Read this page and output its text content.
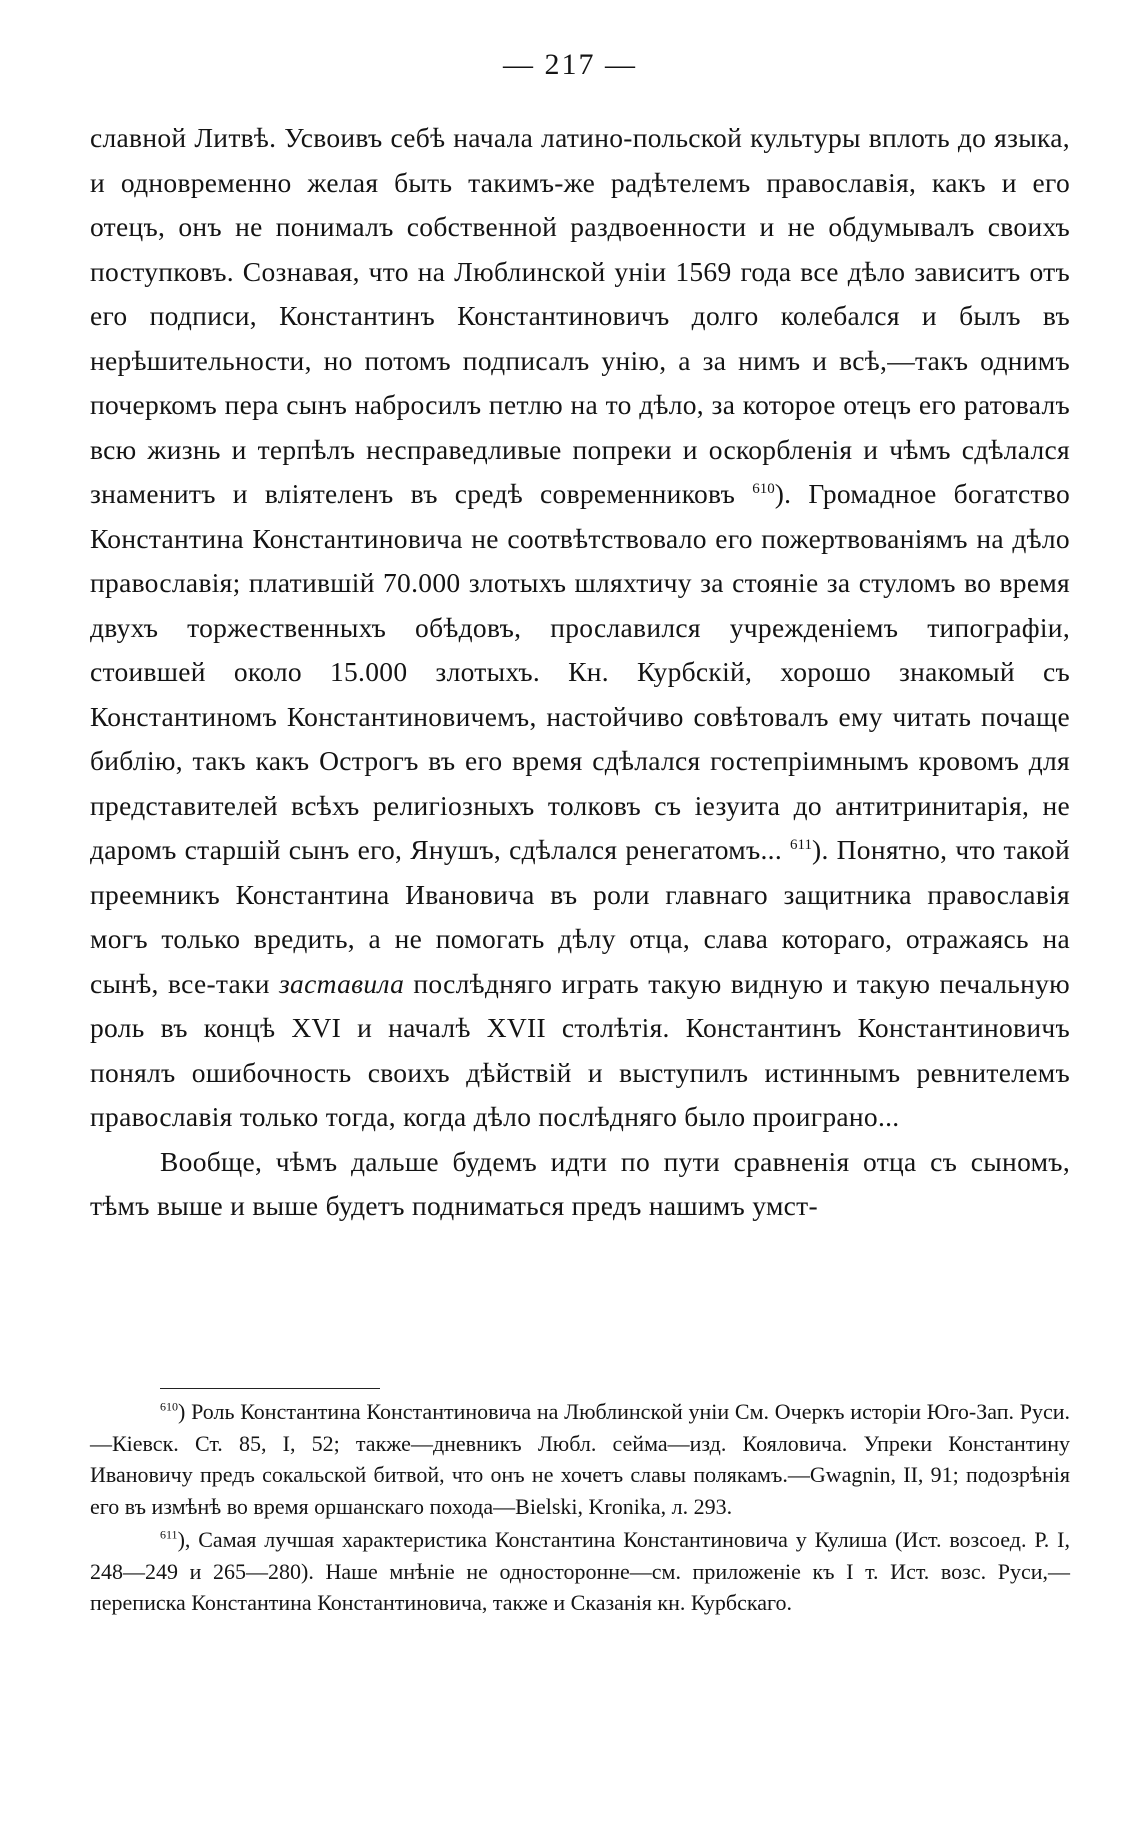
— 217 —

славной Литвѣ. Усвоивъ себѣ начала латино-польской культуры вплоть до языка, и одновременно желая быть такимъ-же радѣтелемъ православія, какъ и его отецъ, онъ не понималъ собственной раздвоенности и не обдумывалъ своихъ поступковъ. Сознавая, что на Люблинской уніи 1569 года все дѣло зависитъ отъ его подписи, Константинъ Константиновичъ долго колебался и былъ въ нерѣшительности, но потомъ подписалъ унію, а за нимъ и всѣ,—такъ однимъ почеркомъ пера сынъ набросилъ петлю на то дѣло, за которое отецъ его ратовалъ всю жизнь и терпѣлъ несправедливые попреки и оскорбленія и чѣмъ сдѣлался знаменитъ и вліятеленъ въ средѣ современниковъ $^{610}$). Громадное богатство Константина Константиновича не соотвѣтствовало его пожертвованіямъ на дѣло православія; платившій 70.000 злотыхъ шляхтичу за стояніе за стуломъ во время двухъ торжественныхъ обѣдовъ, прославился учрежденіемъ типографіи, стоившей около 15.000 злотыхъ. Кн. Курбскій, хорошо знакомый съ Константиномъ Константиновичемъ, настойчиво совѣтовалъ ему читать почаще библію, такъ какъ Острогъ въ его время сдѣлался гостепріимнымъ кровомъ для представителей всѣхъ религіозныхъ толковъ съ іезуита до антитринитарія, не даромъ старшій сынъ его, Янушъ, сдѣлался ренегатомъ... $^{611}$). Понятно, что такой преемникъ Константина Ивановича въ роли главнаго защитника православія могъ только вредить, а не помогать дѣлу отца, слава котораго, отражаясь на сынѣ, все-таки заставила послѣдняго играть такую видную и такую печальную роль въ концѣ XVI и началѣ XVII столѣтія. Константинъ Константиновичъ понялъ ошибочность своихъ дѣйствій и выступилъ истиннымъ ревнителемъ православія только тогда, когда дѣло послѣдняго было проиграно...

Вообще, чѣмъ дальше будемъ идти по пути сравненія отца съ сыномъ, тѣмъ выше и выше будетъ подниматься предъ нашимъ умст-

$^{610}$) Роль Константина Константиновича на Люблинской уніи См. Очеркъ исторіи Юго-Зап. Руси.—Кіевск. Ст. 85, I, 52; также—дневникъ Любл. сейма—изд. Кояловича. Упреки Константину Ивановичу предъ сокальской битвой, что онъ не хочетъ славы полякамъ.—Gwagnin, II, 91; подозрѣнія его въ измѣнѣ во время оршанскаго похода—Bielski, Kronika, л. 293.

$^{611}$), Самая лучшая характеристика Константина Константиновича у Кулиша (Ист. возсоед. Р. I, 248—249 и 265—280). Наше мнѣніе не односторонне—см. приложеніе къ I т. Ист. возс. Руси,—переписка Константина Константиновича, также и Сказанія кн. Курбскаго.
